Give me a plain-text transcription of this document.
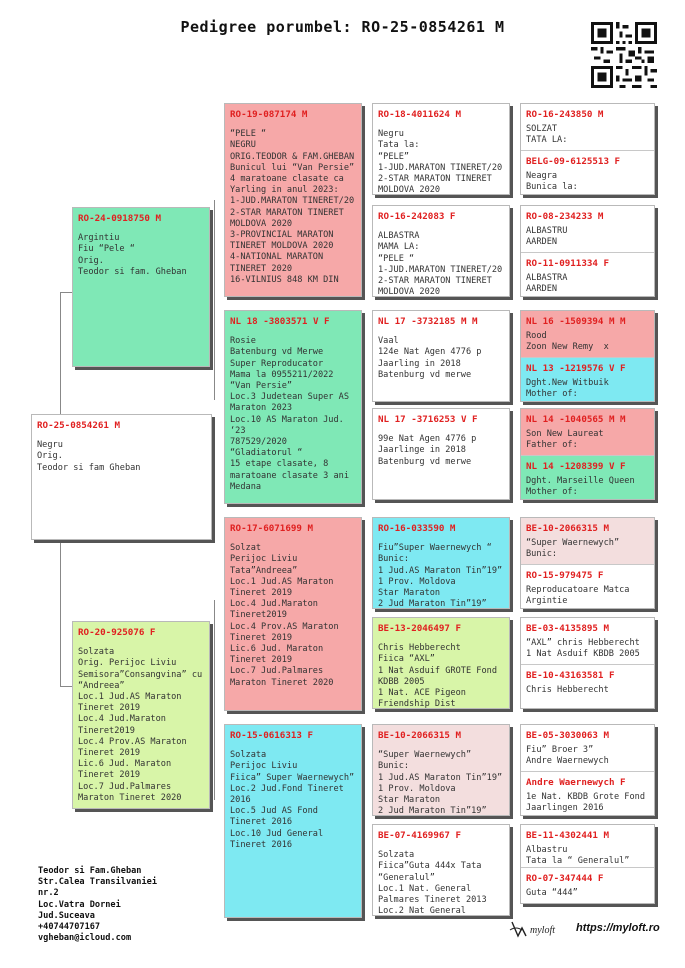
Pedigree porumbel: RO-25-0854261 M
RO-25-0854261 M
Negru
Orig.
Teodor si fam Gheban
RO-24-0918750 M
Argintiu
Fiu “Pele “
Orig.
Teodor si fam. Gheban
RO-20-925076 F
Solzata
Orig. Perijoc Liviu
Semisora”Consangvina” cu
“Andreea”
Loc.1 Jud.AS Maraton
Tineret 2019
Loc.4 Jud.Maraton
Tineret2019
Loc.4 Prov.AS Maraton
Tineret 2019
Lic.6 Jud. Maraton
Tineret 2019
Loc.7 Jud.Palmares
Maraton Tineret 2020
RO-19-087174 M
“PELE “
NEGRU
ORIG.TEODOR & FAM.GHEBAN
Bunicul lui “Van Persie”
4 maratoane clasate ca
Yarling in anul 2023:
1-JUD.MARATON TINERET/20
2-STAR MARATON TINERET
MOLDOVA 2020
3-PROVINCIAL MARATON
TINERET MOLDOVA 2020
4-NATIONAL MARATON
TINERET 2020
16-VILNIUS 848 KM DIN
NL 18 -3803571 V F
Rosie
Batenburg vd Merwe
Super Reproducator
Mama la 0955211/2022
“Van Persie”
Loc.3 Judetean Super AS
Maraton 2023
Loc.10 AS Maraton Jud.
‘23
787529/2020
“Gladiatorul “
15 etape clasate, 8
maratoane clasate 3 ani
Medana
RO-17-6071699 M
Solzat
Perijoc Liviu
Tata”Andreea”
Loc.1 Jud.AS Maraton
Tineret 2019
Loc.4 Jud.Maraton
Tineret2019
Loc.4 Prov.AS Maraton
Tineret 2019
Lic.6 Jud. Maraton
Tineret 2019
Loc.7 Jud.Palmares
Maraton Tineret 2020
RO-15-0616313 F
Solzata
Perijoc Liviu
Fiica” Super Waernewych”
Loc.2 Jud.Fond Tineret
2016
Loc.5 Jud AS Fond
Tineret 2016
Loc.10 Jud General
Tineret 2016
RO-18-4011624 M
Negru
Tata la:
“PELE”
1-JUD.MARATON TINERET/20
2-STAR MARATON TINERET
MOLDOVA 2020
RO-16-242083 F
ALBASTRA
MAMA LA:
“PELE “
1-JUD.MARATON TINERET/20
2-STAR MARATON TINERET
MOLDOVA 2020
NL 17 -3732185 M M
Vaal
124e Nat Agen 4776 p
Jaarling in 2018
Batenburg vd merwe
NL 17 -3716253 V F
99e Nat Agen 4776 p
Jaarlinge in 2018
Batenburg vd merwe
RO-16-033590 M
Fiu”Super Waernewych “
Bunic:
1 Jud.AS Maraton Tin”19”
1 Prov. Moldova
Star Maraton
2 Jud Maraton Tin”19”
BE-13-2046497 F
Chris Hebberecht
Fiica “AXL”
1 Nat Asduif GROTE Fond
KDBB 2005
1 Nat. ACE Pigeon
Friendship Dist
BE-10-2066315 M
“Super Waernewych”
Bunic:
1 Jud.AS Maraton Tin”19”
1 Prov. Moldova
Star Maraton
2 Jud Maraton Tin”19”
BE-07-4169967 F
Solzata
Fiica”Guta 444x Tata
“Generalul”
Loc.1 Nat. General
Palmares Tineret 2013
Loc.2 Nat General
RO-16-243850 M
SOLZAT
TATA LA:
BELG-09-6125513 F
Neagra
Bunica la:
RO-08-234233 M
ALBASTRU
AARDEN
RO-11-0911334 F
ALBASTRA
AARDEN
NL 16 -1509394 M M
Rood
Zoon New Remy  x
NL 13 -1219576 V F
Dght.New Witbuik
Mother of:
NL 14 -1040565 M M
Son New Laureat
Father of:
NL 14 -1208399 V F
Dght. Marseille Queen
Mother of:
BE-10-2066315 M
“Super Waernewych”
Bunic:
RO-15-979475 F
Reproducatoare Matca
Argintie
BE-03-4135895 M
“AXL” chris Hebberecht
1 Nat Asduif KBDB 2005
BE-10-43163581 F
Chris Hebberecht
BE-05-3030063 M
Fiu” Broer 3”
Andre Waernewych
Andre Waernewych F
1e Nat. KBDB Grote Fond
Jaarlingen 2016
BE-11-4302441 M
Albastru
Tata la “ Generalul”
RO-07-347444 F
Guta “444”
Teodor si Fam.Gheban
Str.Calea Transilvaniei
nr.2
Loc.Vatra Dornei
Jud.Suceava
+40744707167
vgheban@icloud.com
myloft https://myloft.ro
